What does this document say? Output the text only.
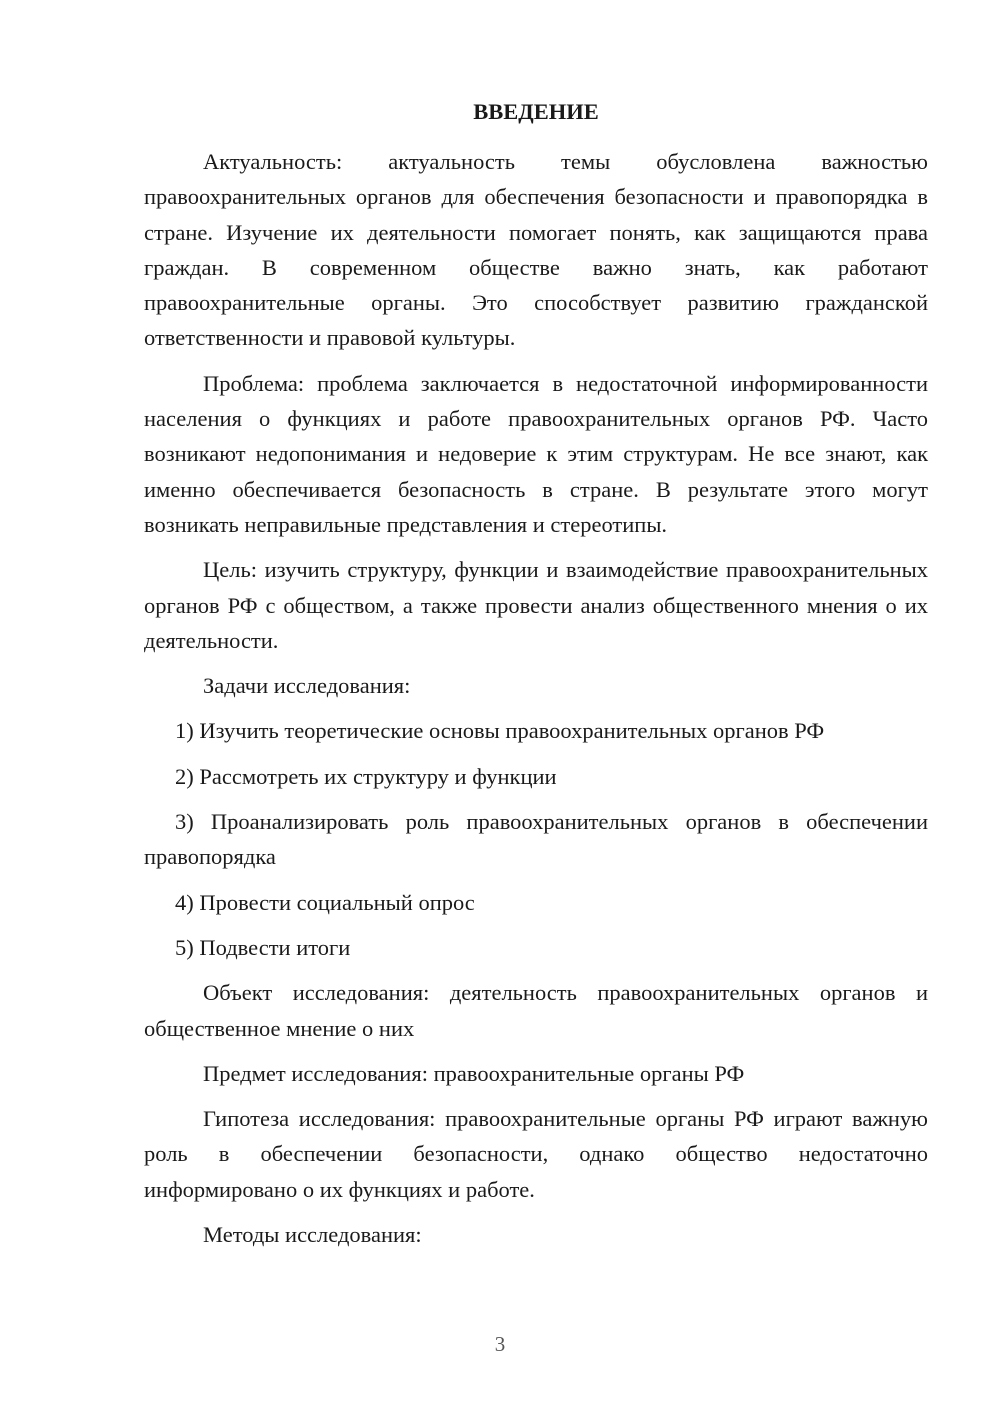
ВВЕДЕНИЕ

Актуальность: актуальность темы обусловлена важностью правоохранительных органов для обеспечения безопасности и правопорядка в стране. Изучение их деятельности помогает понять, как защищаются права граждан. В современном обществе важно знать, как работают правоохранительные органы. Это способствует развитию гражданской ответственности и правовой культуры.

Проблема: проблема заключается в недостаточной информированности населения о функциях и работе правоохранительных органов РФ. Часто возникают недопонимания и недоверие к этим структурам. Не все знают, как именно обеспечивается безопасность в стране. В результате этого могут возникать неправильные представления и стереотипы.

Цель: изучить структуру, функции и взаимодействие правоохранительных органов РФ с обществом, а также провести анализ общественного мнения о их деятельности.

Задачи исследования:

1) Изучить теоретические основы правоохранительных органов РФ

2) Рассмотреть их структуру и функции

3) Проанализировать роль правоохранительных органов в обеспечении правопорядка

4) Провести социальный опрос

5) Подвести итоги

Объект исследования: деятельность правоохранительных органов и общественное мнение о них

Предмет исследования: правоохранительные органы РФ

Гипотеза исследования: правоохранительные органы РФ играют важную роль в обеспечении безопасности, однако общество недостаточно информировано о их функциях и работе.

Методы исследования:

3
